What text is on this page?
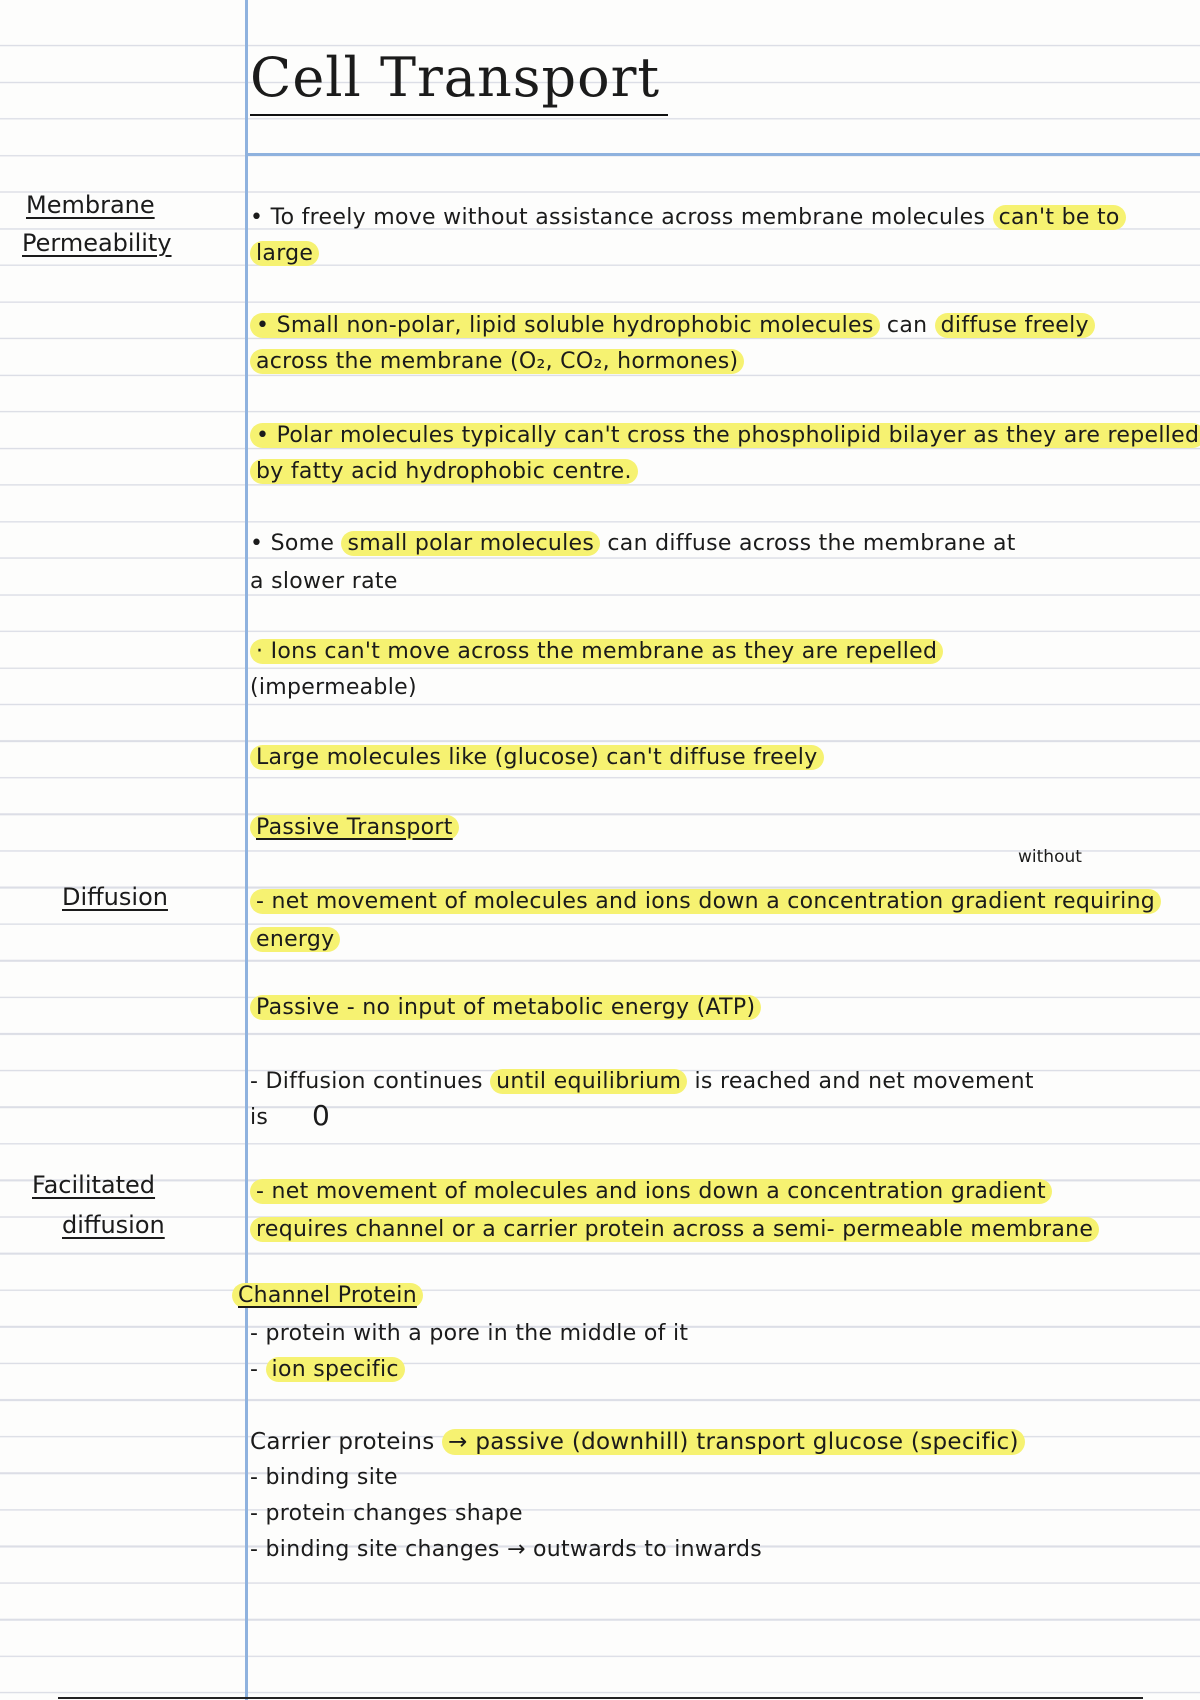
Cell Transport
Membrane
Permeability
Diffusion
Facilitated
diffusion
• To freely move without assistance across membrane molecules can't be to
large
• Small non-polar, lipid soluble hydrophobic molecules can diffuse freely
across the membrane (O₂, CO₂, hormones)
• Polar molecules typically can't cross the phospholipid bilayer as they are repelled
by fatty acid hydrophobic centre.
• Some small polar molecules can diffuse across the membrane at
a slower rate
· Ions can't move across the membrane as they are repelled
(impermeable)
Large molecules like (glucose) can't diffuse freely
Passive Transport
without
- net movement of molecules and ions down a concentration gradient requiring
energy
Passive - no input of metabolic energy (ATP)
- Diffusion continues until equilibrium is reached and net movement
is 0
- net movement of molecules and ions down a concentration gradient
requires channel or a carrier protein across a semi- permeable membrane
Channel Protein
- protein with a pore in the middle of it
- ion specific
Carrier proteins → passive (downhill) transport glucose (specific)
- binding site
- protein changes shape
- binding site changes → outwards to inwards
